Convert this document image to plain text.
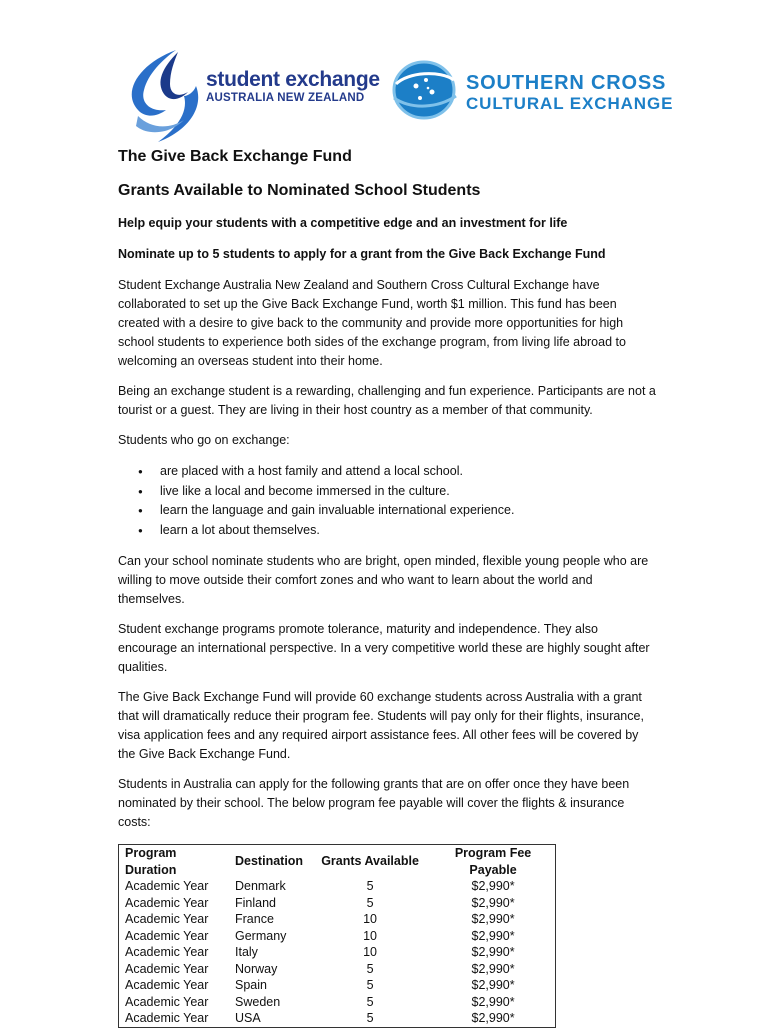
student exchange
AUSTRALIA NEW ZEALAND
SOUTHERN CROSS
CULTURAL EXCHANGE
The Give Back Exchange Fund
Grants Available to Nominated School Students

Help equip your students with a competitive edge and an investment for life

Nominate up to 5 students to apply for a grant from the Give Back Exchange Fund

Student Exchange Australia New Zealand and Southern Cross Cultural Exchange have collaborated to set up the Give Back Exchange Fund, worth $1 million. This fund has been created with a desire to give back to the community and provide more opportunities for high school students to experience both sides of the exchange program, from living life abroad to welcoming an overseas student into their home.

Being an exchange student is a rewarding, challenging and fun experience. Participants are not a tourist or a guest. They are living in their host country as a member of that community.

Students who go on exchange:

● are placed with a host family and attend a local school.
● live like a local and become immersed in the culture.
● learn the language and gain invaluable international experience.
● learn a lot about themselves.

Can your school nominate students who are bright, open minded, flexible young people who are willing to move outside their comfort zones and who want to learn about the world and themselves.

Student exchange programs promote tolerance, maturity and independence. They also encourage an international perspective. In a very competitive world these are highly sought after qualities.

The Give Back Exchange Fund will provide 60 exchange students across Australia with a grant that will dramatically reduce their program fee. Students will pay only for their flights, insurance, visa application fees and any required airport assistance fees. All other fees will be covered by the Give Back Exchange Fund.

Students in Australia can apply for the following grants that are on offer once they have been nominated by their school. The below program fee payable will cover the flights & insurance costs:

Program Duration	Destination	Grants Available	Program Fee Payable
Academic Year	Denmark	5	$2,990*
Academic Year	Finland	5	$2,990*
Academic Year	France	10	$2,990*
Academic Year	Germany	10	$2,990*
Academic Year	Italy	10	$2,990*
Academic Year	Norway	5	$2,990*
Academic Year	Spain	5	$2,990*
Academic Year	Sweden	5	$2,990*
Academic Year	USA	5	$2,990*
